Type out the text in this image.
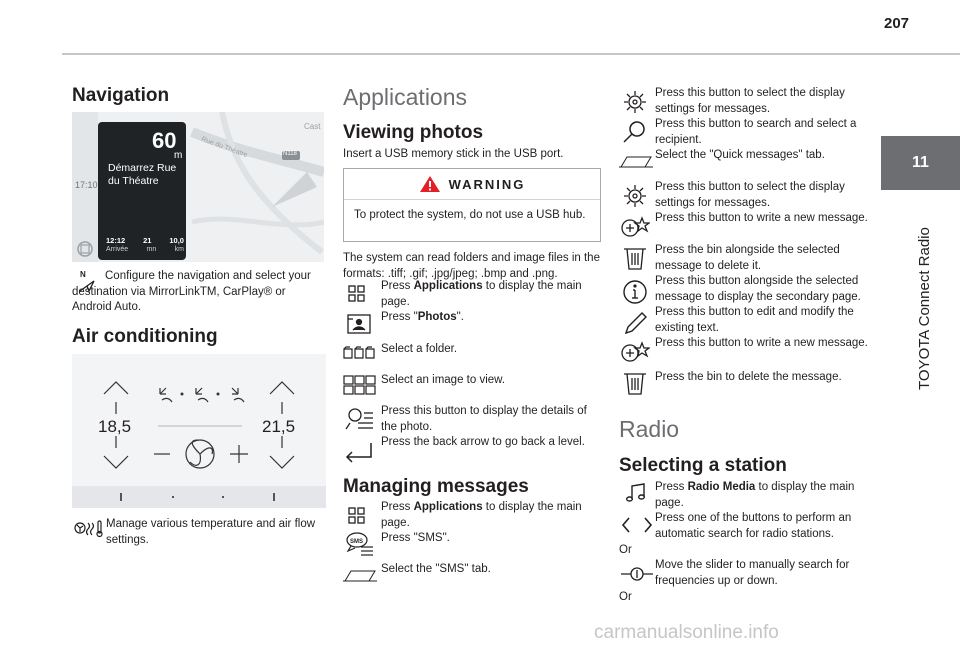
207
11
TOYOTA Connect Radio
Navigation
60
m
Démarrez Rue du Théatre
17:10
12:12 21 10,0
Arrivée	mn	km
Rue du Théatre	N118
Cast
N	Configure the navigation and select your destination via MirrorLinkTM, CarPlay® or Android Auto.
Air conditioning
18,5	21,5
Manage various temperature and air flow settings.
Applications
Viewing photos
Insert a USB memory stick in the USB port.
WARNING
To protect the system, do not use a USB hub.
The system can read folders and image files in the formats: .tiff; .gif; .jpg/jpeg; .bmp and .png.
Press Applications to display the main page.
Press "Photos".
Select a folder.
Select an image to view.
Press this button to display the details of the photo.
Press the back arrow to go back a level.
Managing messages
Press Applications to display the main page.
SMS Press "SMS".
Select the "SMS" tab.
Press this button to select the display settings for messages.
Press this button to search and select a recipient.
Select the "Quick messages" tab.
Press this button to select the display settings for messages.
Press this button to write a new message.
Press the bin alongside the selected message to delete it.
Press this button alongside the selected message to display the secondary page.
Press this button to edit and modify the existing text.
Press this button to write a new message.
Press the bin to delete the message.
Radio
Selecting a station
Press Radio Media to display the main page.
Press one of the buttons to perform an automatic search for radio stations.
Or
Move the slider to manually search for frequencies up or down.
Or
carmanualsonline.info
